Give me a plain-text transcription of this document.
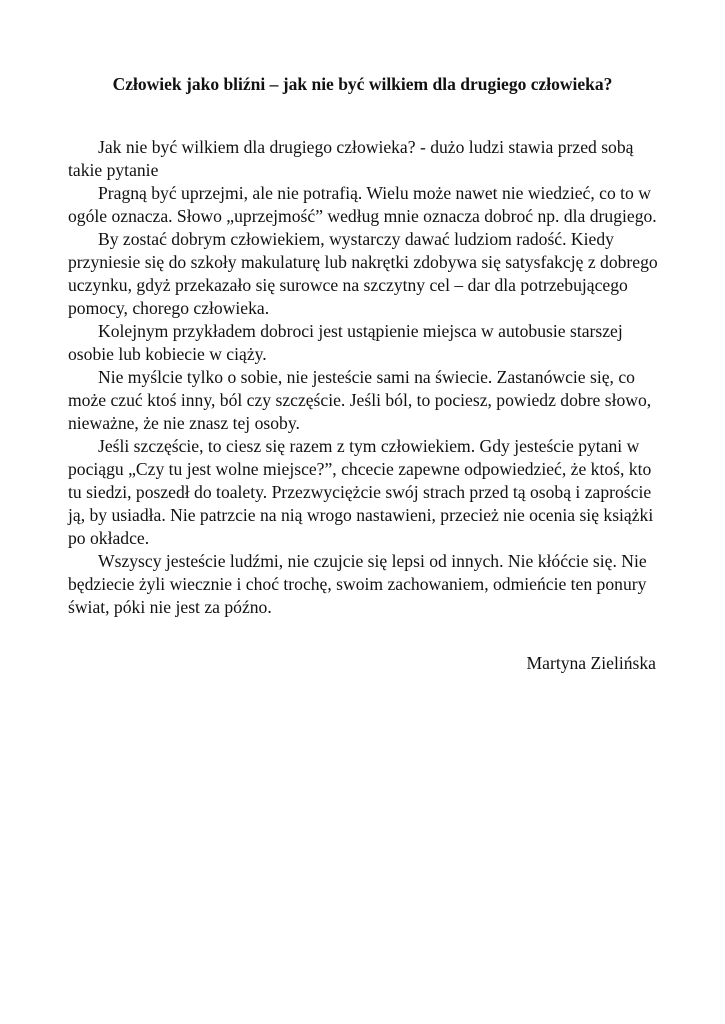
Człowiek jako bliźni – jak nie być wilkiem dla drugiego człowieka?

Jak nie być wilkiem dla drugiego człowieka? - dużo ludzi stawia przed sobą takie pytanie

Pragną być uprzejmi, ale nie potrafią. Wielu może nawet nie wiedzieć, co to w ogóle oznacza. Słowo „uprzejmość” według mnie oznacza dobroć np. dla drugiego.

By zostać dobrym człowiekiem, wystarczy dawać ludziom radość. Kiedy przyniesie się do szkoły makulaturę lub nakrętki zdobywa się satysfakcję z dobrego uczynku, gdyż przekazało się surowce na szczytny cel – dar dla potrzebującego pomocy, chorego człowieka.

Kolejnym przykładem dobroci jest ustąpienie miejsca w autobusie starszej osobie lub kobiecie w ciąży.

Nie myślcie tylko o sobie, nie jesteście sami na świecie. Zastanówcie się, co może czuć ktoś inny, ból czy szczęście. Jeśli ból, to pociesz, powiedz dobre słowo, nieważne, że nie znasz tej osoby.

Jeśli szczęście, to ciesz się razem z tym człowiekiem. Gdy jesteście pytani w pociągu „Czy tu jest wolne miejsce?”, chcecie zapewne odpowiedzieć, że ktoś, kto tu siedzi, poszedł do toalety. Przezwyciężcie swój strach przed tą osobą i zaproście ją, by usiadła. Nie patrzcie na nią wrogo nastawieni, przecież nie ocenia się książki po okładce.

Wszyscy jesteście ludźmi, nie czujcie się lepsi od innych. Nie kłóćcie się. Nie będziecie żyli wiecznie i choć trochę, swoim zachowaniem, odmieńcie ten ponury świat, póki nie jest za późno.

Martyna Zielińska
